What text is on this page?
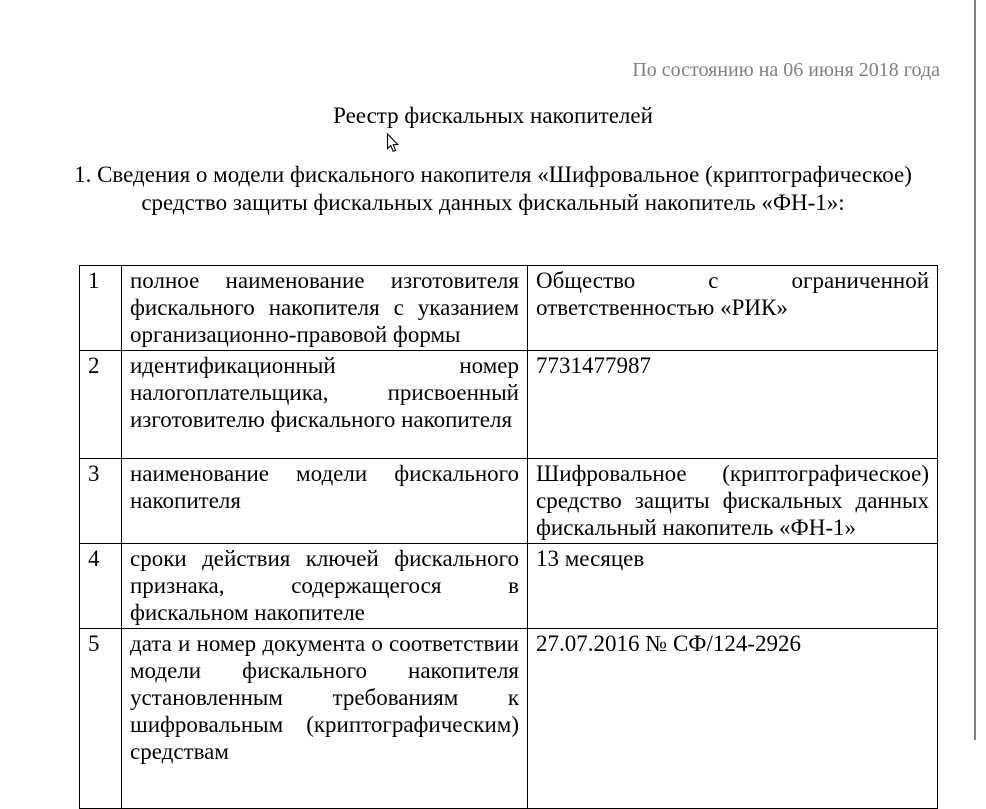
По состоянию на 06 июня 2018 года
Реестр фискальных накопителей

1. Сведения о модели фискального накопителя «Шифровальное (криптографическое) средство защиты фискальных данных фискальный накопитель «ФН-1»:

1	полное наименование изготовителя фискального накопителя с указанием организационно-правовой формы	Общество с ограниченной ответственностью «РИК»
2	идентификационный номер налогоплательщика, присвоенный изготовителю фискального накопителя	7731477987
3	наименование модели фискального накопителя	Шифровальное (криптографическое) средство защиты фискальных данных фискальный накопитель «ФН-1»
4	сроки действия ключей фискального признака, содержащегося в фискальном накопителе	13 месяцев
5	дата и номер документа о соответствии модели фискального накопителя установленным требованиям к шифровальным (криптографическим) средствам	27.07.2016 № СФ/124-2926
